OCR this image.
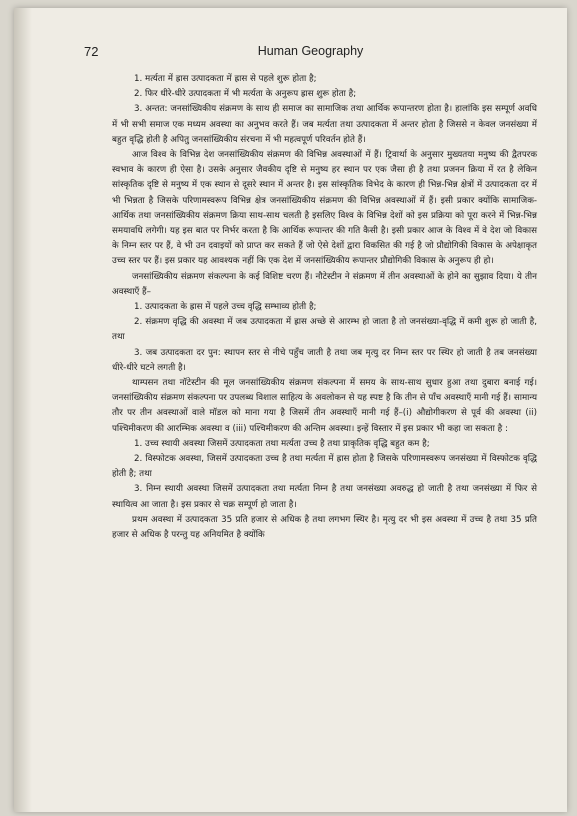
72	Human Geography

1. मर्त्यता में ह्रास उत्पादकता में ह्रास से पहले शुरू होता है;

2. फिर धीरे-धीरे उत्पादकता में भी मर्त्यता के अनुरूप ह्रास शुरू होता है;

3. अन्तत: जनसांख्यिकीय संक्रमण के साथ ही समाज का सामाजिक तथा आर्थिक रूपान्तरण होता है। हालांकि इस सम्पूर्ण अवधि में भी सभी समाज एक मध्यम अवस्था का अनुभव करते हैं। जब मर्त्यता तथा उत्पादकता में अन्तर होता है जिससे न केवल जनसंख्या में बहुत वृद्धि होती है अपितु जनसांख्यिकीय संरचना में भी महत्वपूर्ण परिवर्तन होते हैं।

आज विश्व के विभिन्न देश जनसांख्यिकीय संक्रमण की विभिन्न अवस्थाओं में हैं। ट्रिवार्था के अनुसार मुख्यतया मनुष्य की द्वैतपरक स्वभाव के कारण ही ऐसा है। उसके अनुसार जैवकीय दृष्टि से मनुष्य हर स्थान पर एक जैसा ही है तथा प्रजनन क्रिया में रत है लेकिन सांस्कृतिक दृष्टि से मनुष्य में एक स्थान से दूसरे स्थान में अन्तर है। इस सांस्कृतिक विभेद के कारण ही भिन्न-भिन्न क्षेत्रों में उत्पादकता दर में भी भिन्नता है जिसके परिणामस्वरूप विभिन्न क्षेत्र जनसांख्यिकीय संक्रमण की विभिन्न अवस्थाओं में हैं। इसी प्रकार क्योंकि सामाजिक-आर्थिक तथा जनसांख्यिकीय संक्रमण क्रिया साथ-साथ चलती है इसलिए विश्व के विभिन्न देशों को इस प्रक्रिया को पूरा करने में भिन्न-भिन्न समयावधि लगेगी। यह इस बात पर निर्भर करता है कि आर्थिक रूपान्तर की गति कैसी है। इसी प्रकार आज के विश्व में वे देश जो विकास के निम्न स्तर पर हैं, वे भी उन दवाइयों को प्राप्त कर सकते हैं जो ऐसे देशों द्वारा विकसित की गई है जो प्रौद्योगिकी विकास के अपेक्षाकृत उच्च स्तर पर हैं। इस प्रकार यह आवश्यक नहीं कि एक देश में जनसांख्यिकीय रूपान्तर प्रौद्योगिकी विकास के अनुरूप ही हो।

जनसांख्यिकीय संक्रमण संकल्पना के कई विशिष्ट चरण हैं। नौटेस्टीन ने संक्रमण में तीन अवस्थाओं के होने का सुझाव दिया। ये तीन अवस्थाएँ हैं–

1. उत्पादकता के ह्रास में पहले उच्च वृद्धि सम्भाव्य होती है;

2. संक्रमण वृद्धि की अवस्था में जब उत्पादकता में ह्रास अच्छे से आरम्भ हो जाता है तो जनसंख्या-वृद्धि में कमी शुरू हो जाती है, तथा

3. जब उत्पादकता दर पुन: स्थापन स्तर से नीचे पहुँच जाती है तथा जब मृत्यु दर निम्न स्तर पर स्थिर हो जाती है तब जनसंख्या धीरे-धीरे घटने लगती है।

थाम्पसन तथा नॉटेस्टीन की मूल जनसांख्यिकीय संक्रमण संकल्पना में समय के साथ-साथ सुधार हुआ तथा दुबारा बनाई गई। जनसांख्यिकीय संक्रमण संकल्पना पर उपलब्ध विशाल साहित्य के अवलोकन से यह स्पष्ट है कि तीन से पाँच अवस्थाएँ मानी गई हैं। सामान्य तौर पर तीन अवस्थाओं वाले मॉडल को माना गया है जिसमें तीन अवस्थाएँ मानी गई हैं–(i) औद्योगीकरण से पूर्व की अवस्था (ii) पश्चिमीकरण की आरम्भिक अवस्था व (iii) पश्चिमीकरण की अन्तिम अवस्था। इन्हें विस्तार में इस प्रकार भी कहा जा सकता है :

1. उच्च स्थायी अवस्था जिसमें उत्पादकता तथा मर्त्यता उच्च है तथा प्राकृतिक वृद्धि बहुत कम है;

2. विस्फोटक अवस्था, जिसमें उत्पादकता उच्च है तथा मर्त्यता में ह्रास होता है जिसके परिणामस्वरूप जनसंख्या में विस्फोटक वृद्धि होती है; तथा

3. निम्न स्थायी अवस्था जिसमें उत्पादकता तथा मर्त्यता निम्न है तथा जनसंख्या अवरुद्ध हो जाती है तथा जनसंख्या में फिर से स्थायित्व आ जाता है। इस प्रकार से चक्र सम्पूर्ण हो जाता है।

प्रथम अवस्था में उत्पादकता 35 प्रति हजार से अधिक है तथा लगभग स्थिर है। मृत्यु दर भी इस अवस्था में उच्च है तथा 35 प्रति हजार से अधिक है परन्तु यह अनियमित है क्योंकि
